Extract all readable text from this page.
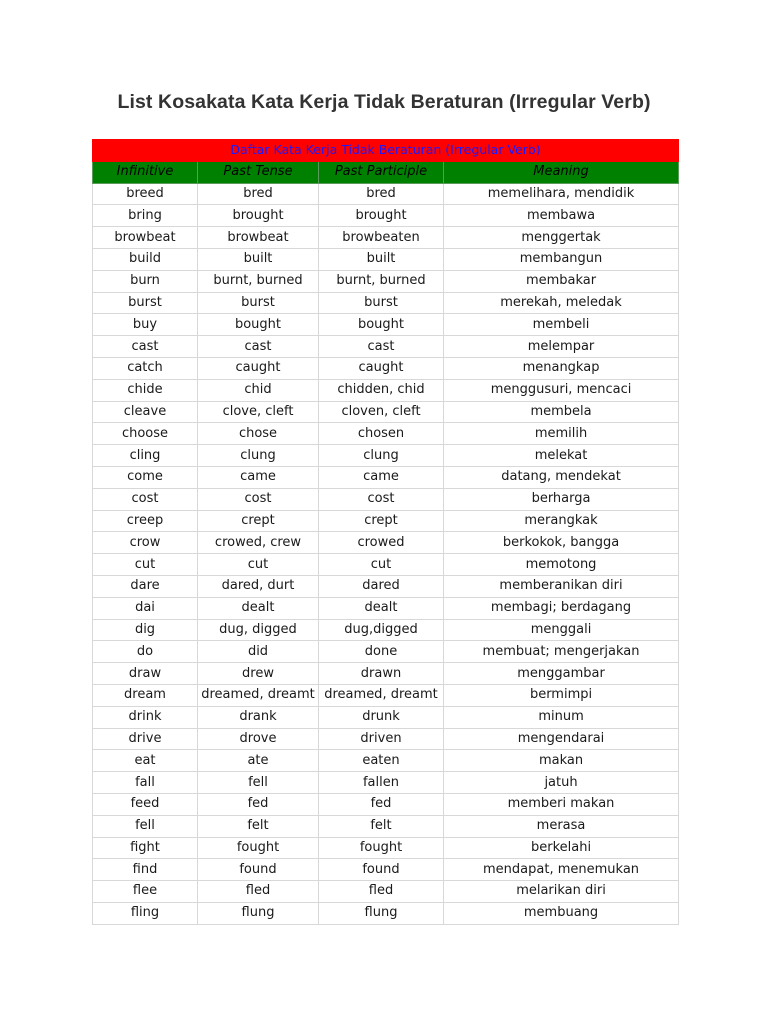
List Kosakata Kata Kerja Tidak Beraturan (Irregular Verb)
Daftar Kata Kerja Tidak Beraturan (Irregular Verb)			
Infinitive	Past Tense	Past Participle	Meaning
breed	bred	bred	memelihara, mendidik
bring	brought	brought	membawa
browbeat	browbeat	browbeaten	menggertak
build	built	built	membangun
burn	burnt, burned	burnt, burned	membakar
burst	burst	burst	merekah, meledak
buy	bought	bought	membeli
cast	cast	cast	melempar
catch	caught	caught	menangkap
chide	chid	chidden, chid	menggusuri, mencaci
cleave	clove, cleft	cloven, cleft	membela
choose	chose	chosen	memilih
cling	clung	clung	melekat
come	came	came	datang, mendekat
cost	cost	cost	berharga
creep	crept	crept	merangkak
crow	crowed, crew	crowed	berkokok, bangga
cut	cut	cut	memotong
dare	dared, durt	dared	memberanikan diri
dai	dealt	dealt	membagi; berdagang
dig	dug, digged	dug,digged	menggali
do	did	done	membuat; mengerjakan
draw	drew	drawn	menggambar
dream	dreamed, dreamt	dreamed, dreamt	bermimpi
drink	drank	drunk	minum
drive	drove	driven	mengendarai
eat	ate	eaten	makan
fall	fell	fallen	jatuh
feed	fed	fed	memberi makan
fell	felt	felt	merasa
fight	fought	fought	berkelahi
find	found	found	mendapat, menemukan
flee	fled	fled	melarikan diri
fling	flung	flung	membuang
